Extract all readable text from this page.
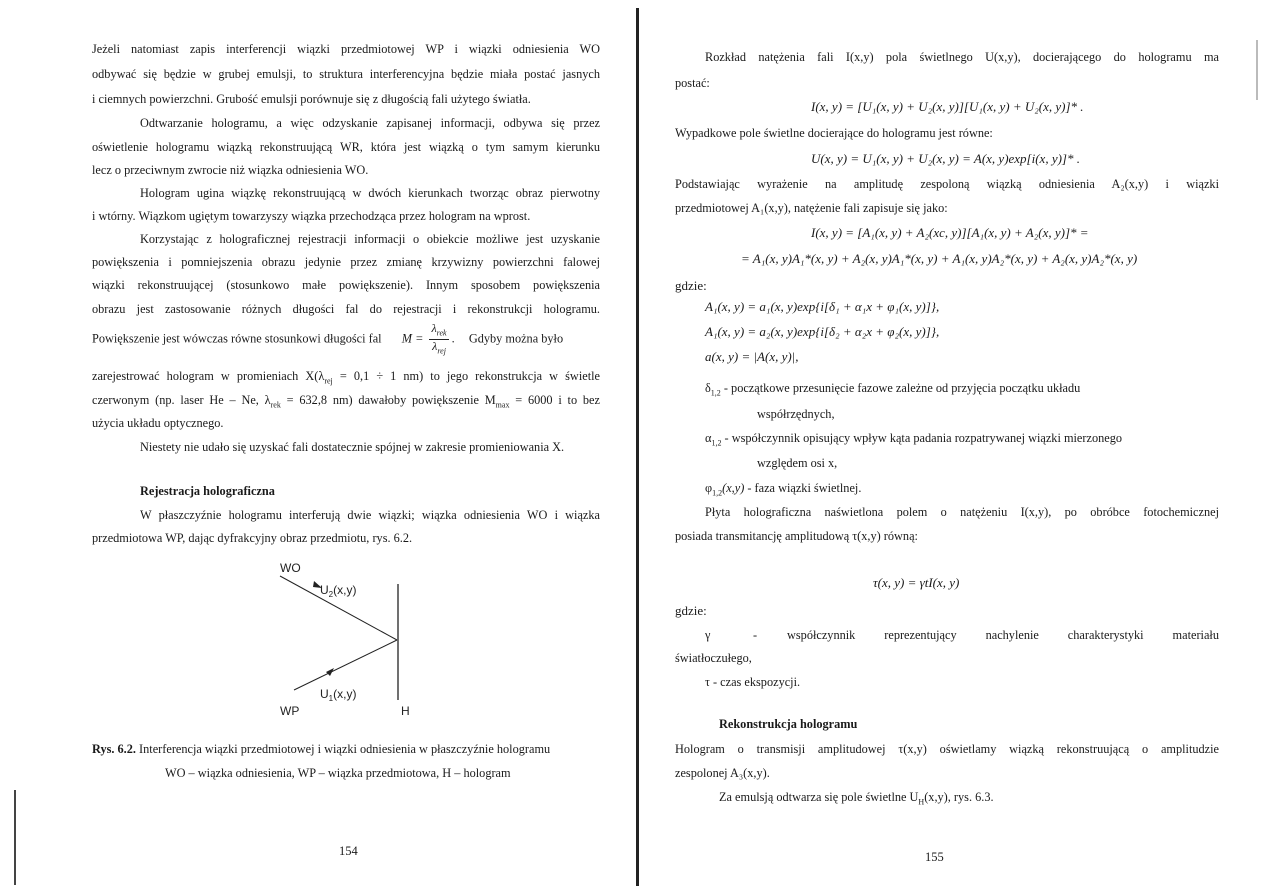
Jeżeli natomiast zapis interferencji wiązki przedmiotowej WP i wiązki odniesienia WO
odbywać się będzie w grubej emulsji, to struktura interferencyjna będzie miała postać jasnych
i ciemnych powierzchni. Grubość emulsji porównuje się z długością fali użytego światła.
Odtwarzanie hologramu, a więc odzyskanie zapisanej informacji, odbywa się przez
oświetlenie hologramu wiązką rekonstruującą WR, która jest wiązką o tym samym kierunku
lecz o przeciwnym zwrocie niż wiązka odniesienia WO.
Hologram ugina wiązkę rekonstruującą w dwóch kierunkach tworząc obraz pierwotny
i wtórny. Wiązkom ugiętym towarzyszy wiązka przechodząca przez hologram na wprost.
Korzystając z holograficznej rejestracji informacji o obiekcie możliwe jest uzyskanie
powiększenia i pomniejszenia obrazu jedynie przez zmianę krzywizny powierzchni falowej
wiązki rekonstruującej (stosunkowo małe powiększenie). Innym sposobem powiększenia
obrazu jest zastosowanie różnych długości fal do rejestracji i rekonstrukcji hologramu.
Powiększenie jest wówczas równe stosunkowi długości fal $M = \frac{\lambda_{rek}}{\lambda_{rej}}$ .  Gdyby można było
zarejestrować hologram w promieniach $X(\lambda_{rej} = 0,1 \div 1$ nm) to jego rekonstrukcja w świetle
czerwonym (np. laser He – Ne, $\lambda_{rek} = 632,8$ nm) dawałoby powiększenie $M_{max} = 6000$ i to bez
użycia układu optycznego.
Niestety nie udało się uzyskać fali dostatecznie spójnej w zakresie promieniowania X.
Rejestracja holograficzna
W płaszczyźnie hologramu interferują dwie wiązki; wiązka odniesienia WO i wiązka
przedmiotowa WP, dając dyfrakcyjny obraz przedmiotu, rys. 6.2.
WO
WP	H
$U_2(x,y)$
$U_1(x,y)$
Rys. 6.2. Interferencja wiązki przedmiotowej i wiązki odniesienia w płaszczyźnie hologramu
WO – wiązka odniesienia, WP – wiązka przedmiotowa, H – hologram
154
Rozkład natężenia fali I(x,y) pola świetlnego U(x,y), docierającego do hologramu ma
postać:
I(x, y) = [U₁(x, y) + U₂(x, y)][U₁(x, y) + U₂(x, y)]* .
Wypadkowe pole świetlne docierające do hologramu jest równe:
U(x, y) = U₁(x, y) + U₂(x, y) = A(x, y)exp[i(x, y)]* .
Podstawiając wyrażenie na amplitudę zespoloną wiązką odniesienia A₂(x,y) i wiązki
przedmiotowej A₁(x,y), natężenie fali zapisuje się jako:
I(x, y) = [A₁(x, y) + A₂(xc, y)][A₁(x, y) + A₂(x, y)]* =
= A₁(x, y)A₁*(x, y) + A₂(x, y)A₁*(x, y) + A₁(x, y)A₂*(x, y) + A₂(x, y)A₂*(x, y)
gdzie:
A₁(x, y) = a₁(x, y)exp{i[δ₁ + α₁x + φ₁(x, y)]},
A₁(x, y) = a₂(x, y)exp{i[δ₂ + α₂x + φ₂(x, y)]},
a(x, y) = |A(x, y)|,
$\delta_{1,2}$ - początkowe przesunięcie fazowe zależne od przyjęcia początku układu
współrzędnych,
$\alpha_{1,2}$ - współczynnik opisujący wpływ kąta padania rozpatrywanej wiązki mierzonego
względem osi x,
$\varphi_{1,2}(x,y)$ - faza wiązki świetlnej.
Płyta holograficzna naświetlona polem o natężeniu I(x,y), po obróbce fotochemicznej
posiada transmitancję amplitudową τ(x,y) równą:
τ(x, y) = γtI(x, y)
gdzie:
γ	- współczynnik reprezentujący nachylenie charakterystyki materiału
światłoczułego,
τ - czas ekspozycji.
Rekonstrukcja hologramu
Hologram o transmisji amplitudowej τ(x,y) oświetlamy wiązką rekonstruującą o amplitudzie
zespolonej A₃(x,y).
Za emulsją odtwarza się pole świetlne $U_H(x,y)$, rys. 6.3.
155
